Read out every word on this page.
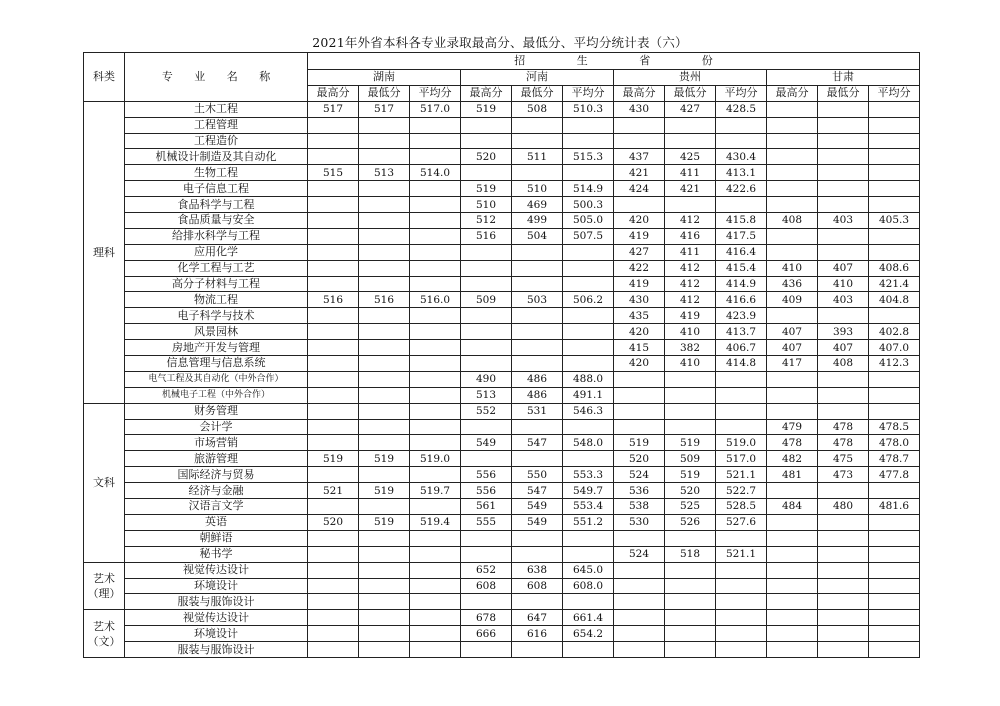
2021年外省本科各专业录取最高分、最低分、平均分统计表（六）
科类	专 业 名 称	招 生 省 份											
		湖南			河南			贵州			甘肃		
		最高分	最低分	平均分	最高分	最低分	平均分	最高分	最低分	平均分	最高分	最低分	平均分
理科	土木工程	517	517	517.0	519	508	510.3	430	427	428.5			
	工程管理												
	工程造价												
	机械设计制造及其自动化				520	511	515.3	437	425	430.4			
	生物工程	515	513	514.0				421	411	413.1			
	电子信息工程				519	510	514.9	424	421	422.6			
	食品科学与工程				510	469	500.3						
	食品质量与安全				512	499	505.0	420	412	415.8	408	403	405.3
	给排水科学与工程				516	504	507.5	419	416	417.5			
	应用化学							427	411	416.4			
	化学工程与工艺							422	412	415.4	410	407	408.6
	高分子材料与工程							419	412	414.9	436	410	421.4
	物流工程	516	516	516.0	509	503	506.2	430	412	416.6	409	403	404.8
	电子科学与技术							435	419	423.9			
	风景园林							420	410	413.7	407	393	402.8
	房地产开发与管理							415	382	406.7	407	407	407.0
	信息管理与信息系统							420	410	414.8	417	408	412.3
	电气工程及其自动化（中外合作）				490	486	488.0						
	机械电子工程（中外合作）				513	486	491.1						
文科	财务管理				552	531	546.3						
	会计学										479	478	478.5
	市场营销				549	547	548.0	519	519	519.0	478	478	478.0
	旅游管理	519	519	519.0				520	509	517.0	482	475	478.7
	国际经济与贸易				556	550	553.3	524	519	521.1	481	473	477.8
	经济与金融	521	519	519.7	556	547	549.7	536	520	522.7			
	汉语言文学				561	549	553.4	538	525	528.5	484	480	481.6
	英语	520	519	519.4	555	549	551.2	530	526	527.6			
	朝鲜语												
	秘书学							524	518	521.1			
艺术
（理）	视觉传达设计				652	638	645.0						
	环境设计				608	608	608.0						
	服装与服饰设计												
艺术
（文）	视觉传达设计				678	647	661.4						
	环境设计				666	616	654.2						
	服装与服饰设计												
